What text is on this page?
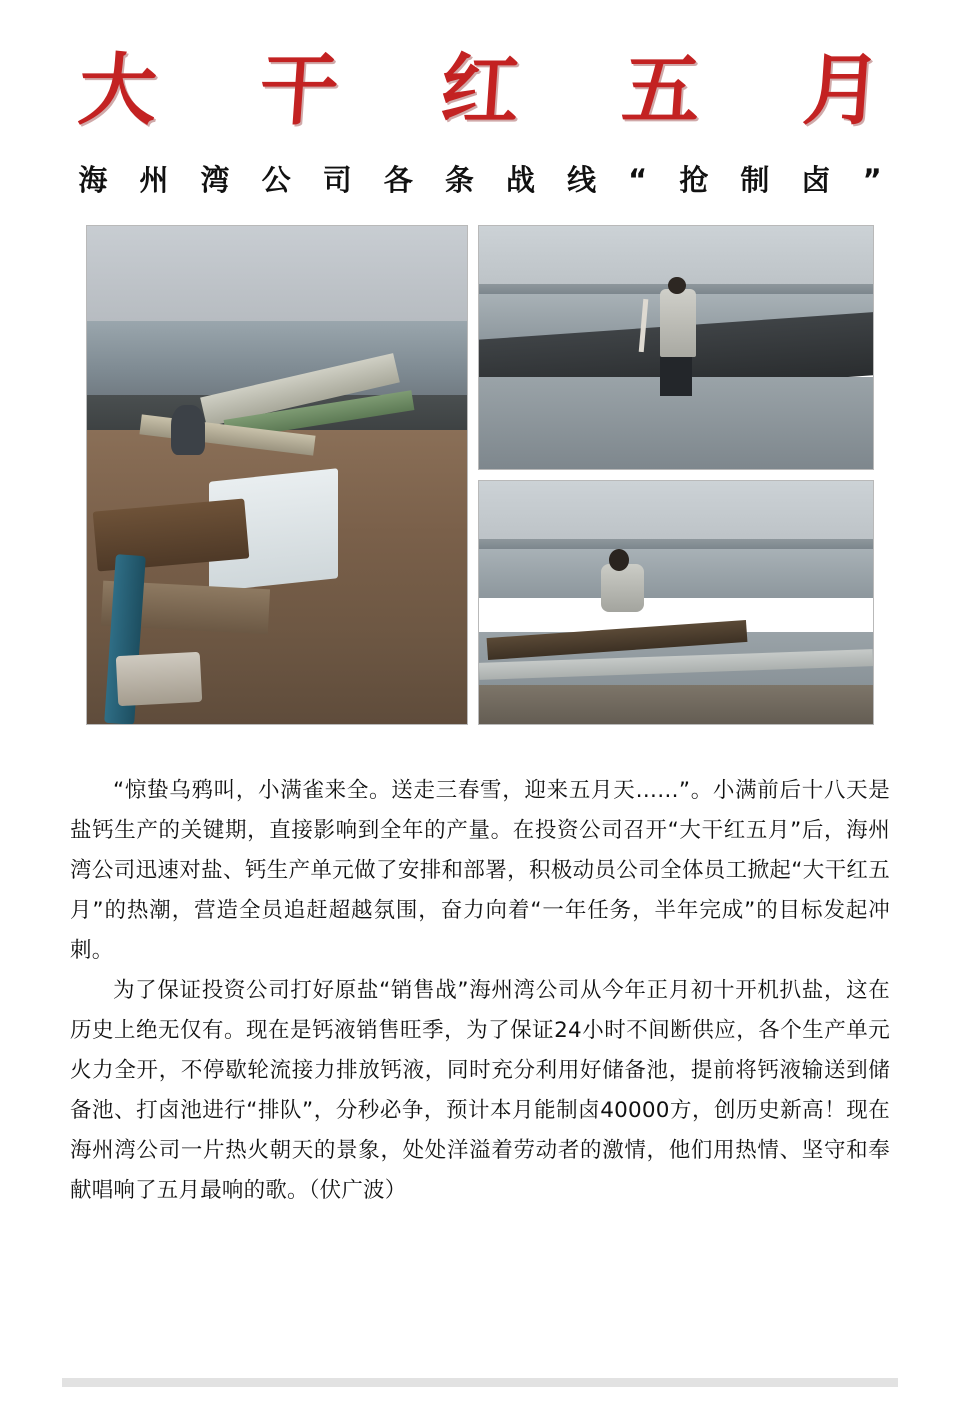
大 干 红 五 月
海 州 湾 公 司 各 条 战 线 “ 抢 制 卤 ”

“惊蛰乌鸦叫，小满雀来全。送走三春雪，迎来五月天……”。小满前后十八天是盐钙生产的关键期，直接影响到全年的产量。在投资公司召开“大干红五月”后，海州湾公司迅速对盐、钙生产单元做了安排和部署，积极动员公司全体员工掀起“大干红五月”的热潮，营造全员追赶超越氛围，奋力向着“一年任务，半年完成”的目标发起冲刺。

为了保证投资公司打好原盐“销售战”海州湾公司从今年正月初十开机扒盐，这在历史上绝无仅有。现在是钙液销售旺季，为了保证24小时不间断供应，各个生产单元火力全开，不停歇轮流接力排放钙液，同时充分利用好储备池，提前将钙液输送到储备池、打卤池进行“排队”，分秒必争，预计本月能制卤40000方，创历史新高！现在海州湾公司一片热火朝天的景象，处处洋溢着劳动者的激情，他们用热情、坚守和奉献唱响了五月最响的歌。（伏广波）
